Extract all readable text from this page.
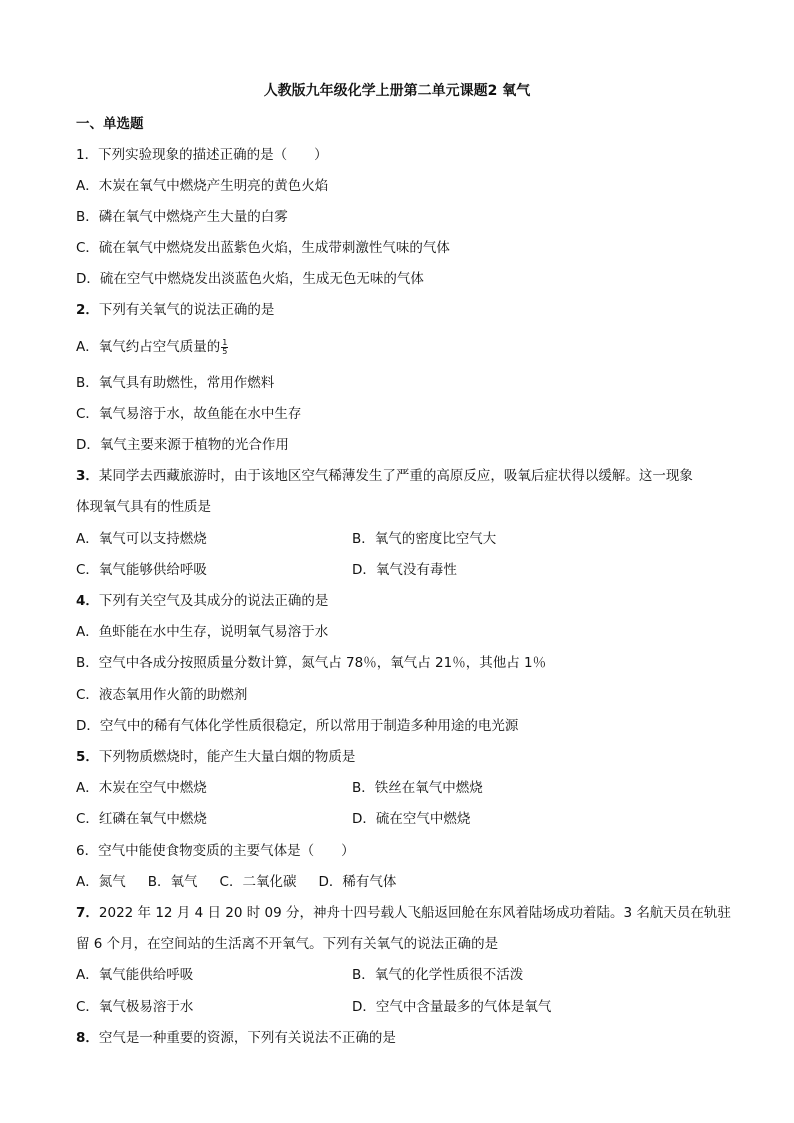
人教版九年级化学上册第二单元课题2 氧气
一、单选题
1．下列实验现象的描述正确的是（　　）
A．木炭在氧气中燃烧产生明亮的黄色火焰
B．磷在氧气中燃烧产生大量的白雾
C．硫在氧气中燃烧发出蓝紫色火焰，生成带刺激性气味的气体
D．硫在空气中燃烧发出淡蓝色火焰，生成无色无味的气体
2．下列有关氧气的说法正确的是
A．氧气约占空气质量的 $\frac{1}{5}$
B．氧气具有助燃性，常用作燃料
C．氧气易溶于水，故鱼能在水中生存
D．氧气主要来源于植物的光合作用
3．某同学去西藏旅游时，由于该地区空气稀薄发生了严重的高原反应，吸氧后症状得以缓解。这一现象
体现氧气具有的性质是
A．氧气可以支持燃烧	B．氧气的密度比空气大
C．氧气能够供给呼吸	D．氧气没有毒性
4．下列有关空气及其成分的说法正确的是
A．鱼虾能在水中生存，说明氧气易溶于水
B．空气中各成分按照质量分数计算，氮气占 78％，氧气占 21％，其他占 1％
C．液态氧用作火箭的助燃剂
D．空气中的稀有气体化学性质很稳定，所以常用于制造多种用途的电光源
5．下列物质燃烧时，能产生大量白烟的物质是
A．木炭在空气中燃烧	B．铁丝在氧气中燃烧
C．红磷在氧气中燃烧	D．硫在空气中燃烧
6．空气中能使食物变质的主要气体是（　　）
A．氮气 B．氧气 C．二氧化碳 D．稀有气体
7．2022 年 12 月 4 日 20 时 09 分，神舟十四号载人飞船返回舱在东风着陆场成功着陆。3 名航天员在轨驻
留 6 个月，在空间站的生活离不开氧气。下列有关氧气的说法正确的是
A．氧气能供给呼吸	B．氧气的化学性质很不活泼
C．氧气极易溶于水	D．空气中含量最多的气体是氧气
8．空气是一种重要的资源，下列有关说法不正确的是
